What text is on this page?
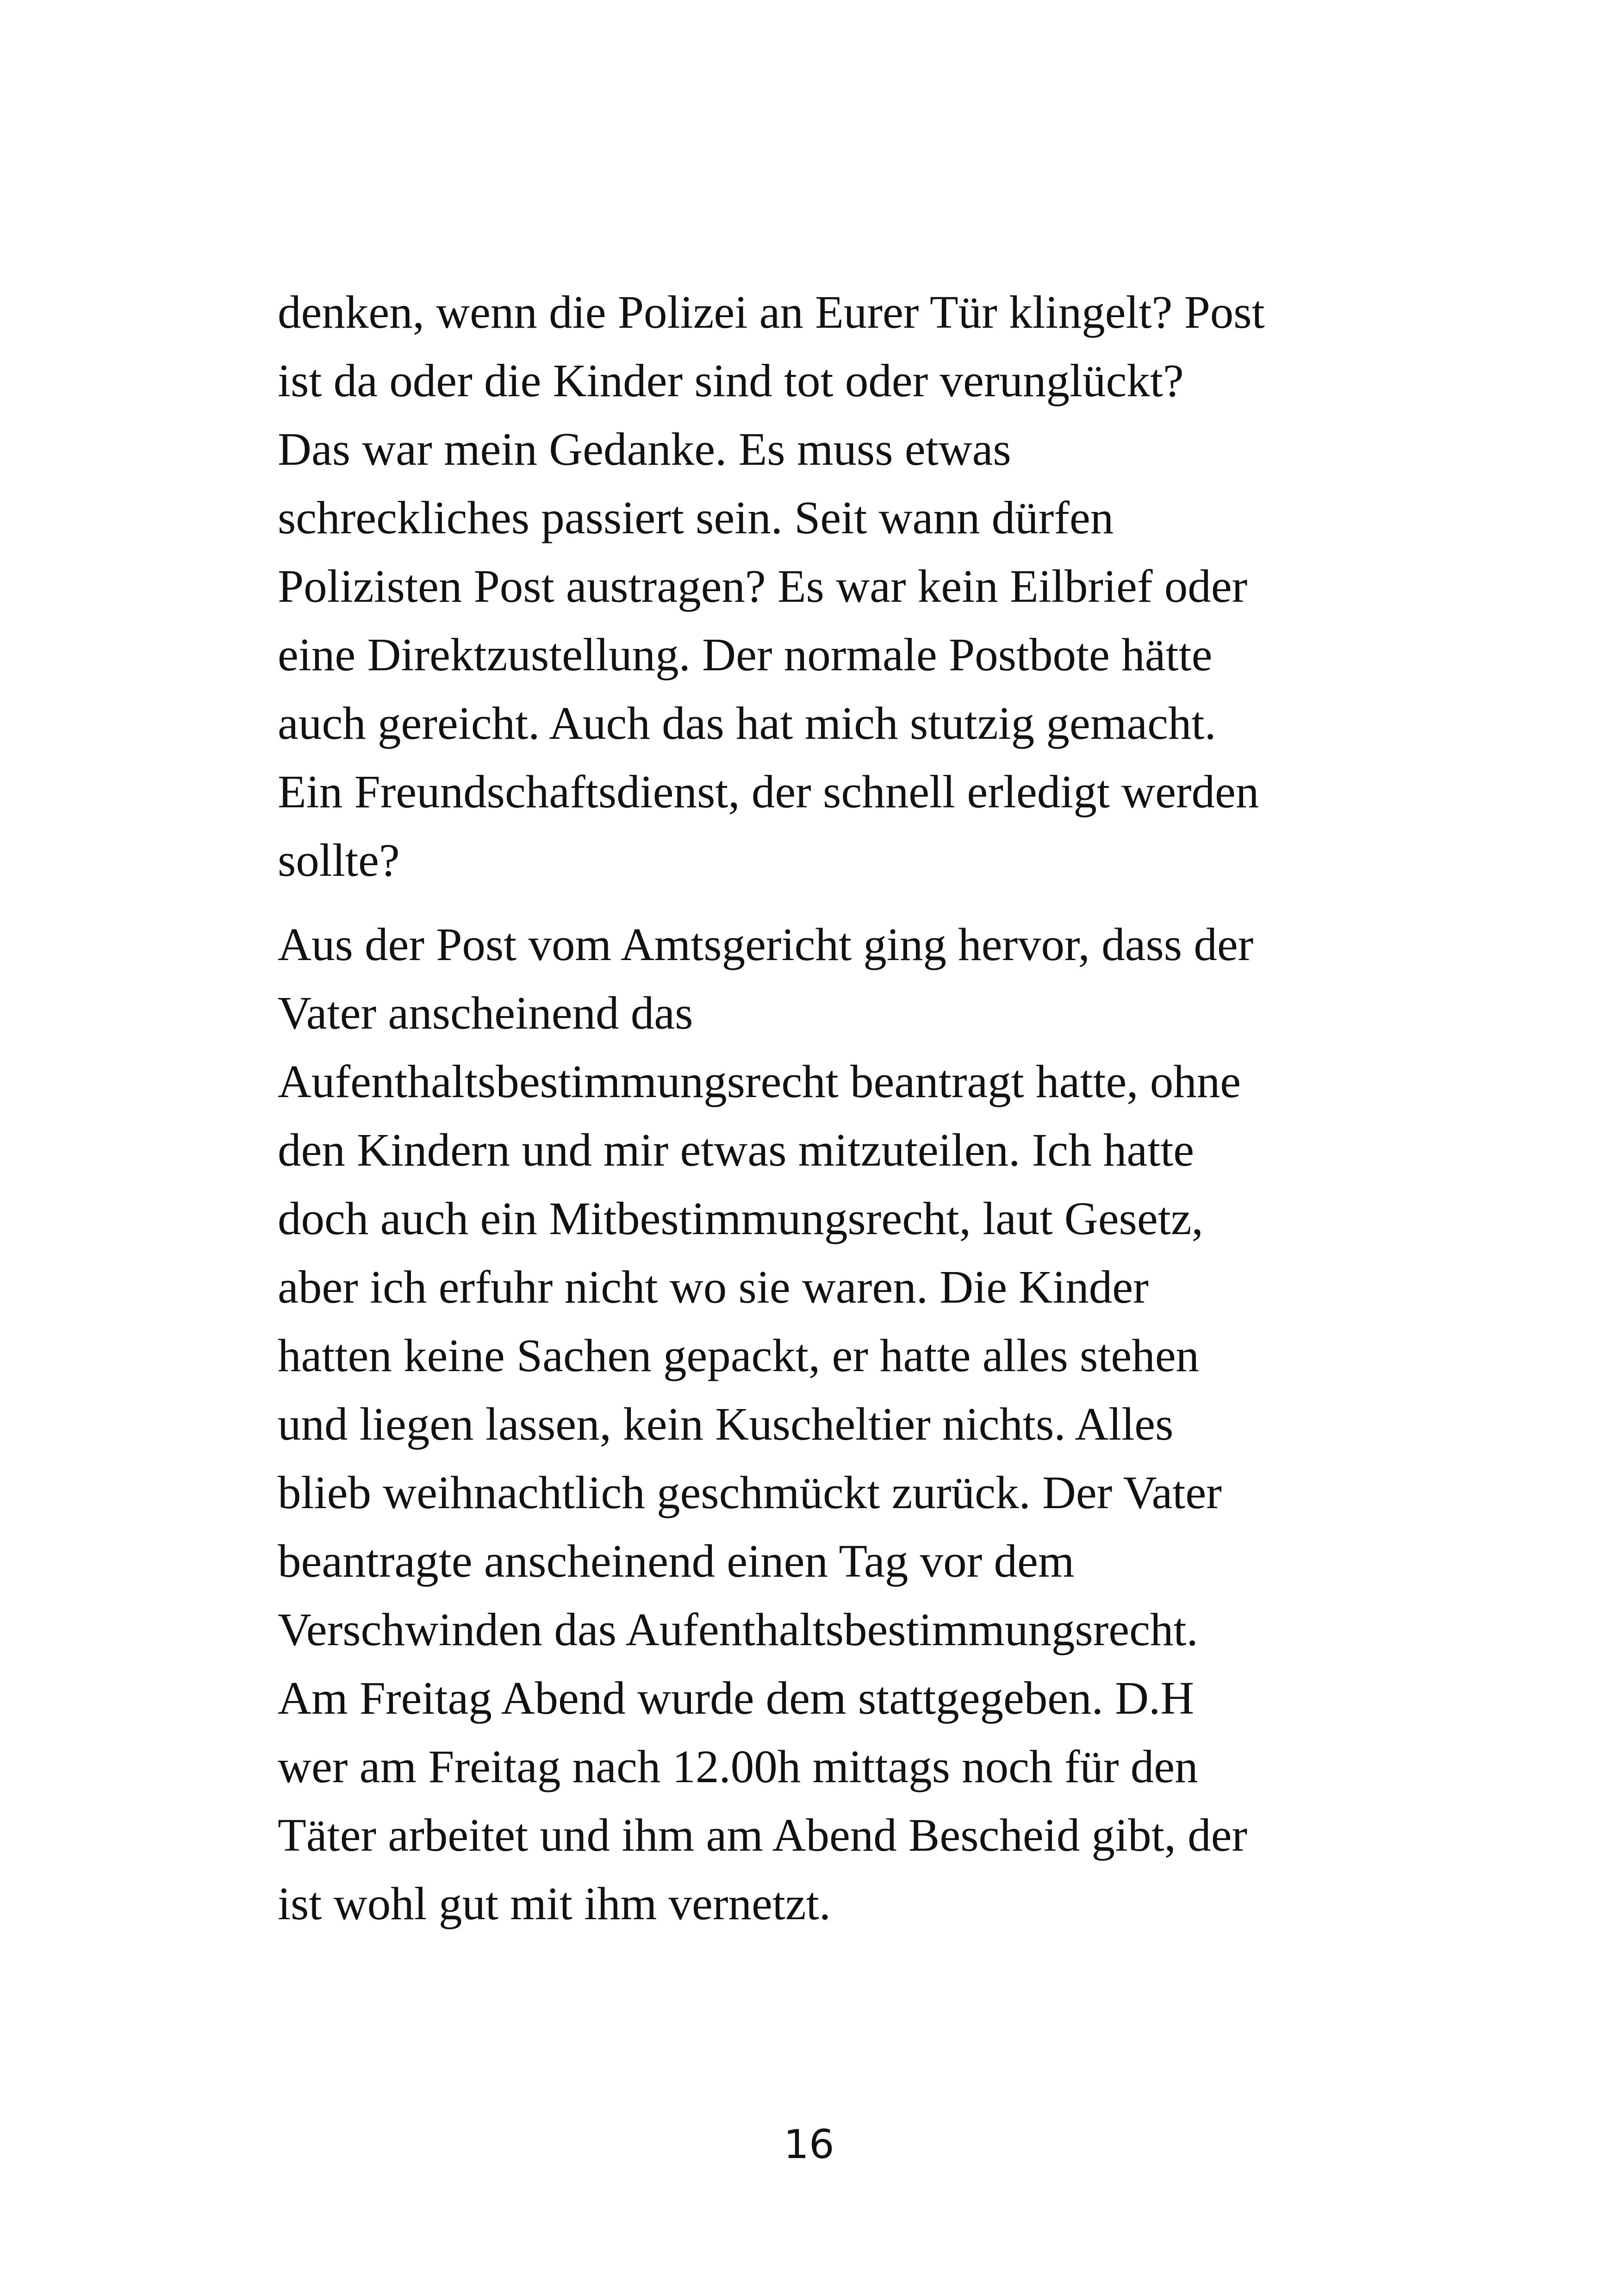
denken, wenn die Polizei an Eurer Tür klingelt? Post
ist da oder die Kinder sind tot oder verunglückt?
Das war mein Gedanke. Es muss etwas
schreckliches passiert sein. Seit wann dürfen
Polizisten Post austragen? Es war kein Eilbrief oder
eine Direktzustellung. Der normale Postbote hätte
auch gereicht. Auch das hat mich stutzig gemacht.
Ein Freundschaftsdienst, der schnell erledigt werden
sollte?

Aus der Post vom Amtsgericht ging hervor, dass der
Vater anscheinend das
Aufenthaltsbestimmungsrecht beantragt hatte, ohne
den Kindern und mir etwas mitzuteilen. Ich hatte
doch auch ein Mitbestimmungsrecht, laut Gesetz,
aber ich erfuhr nicht wo sie waren. Die Kinder
hatten keine Sachen gepackt, er hatte alles stehen
und liegen lassen, kein Kuscheltier nichts. Alles
blieb weihnachtlich geschmückt zurück. Der Vater
beantragte anscheinend einen Tag vor dem
Verschwinden das Aufenthaltsbestimmungsrecht.
Am Freitag Abend wurde dem stattgegeben. D.H
wer am Freitag nach 12.00h mittags noch für den
Täter arbeitet und ihm am Abend Bescheid gibt, der
ist wohl gut mit ihm vernetzt.

16
